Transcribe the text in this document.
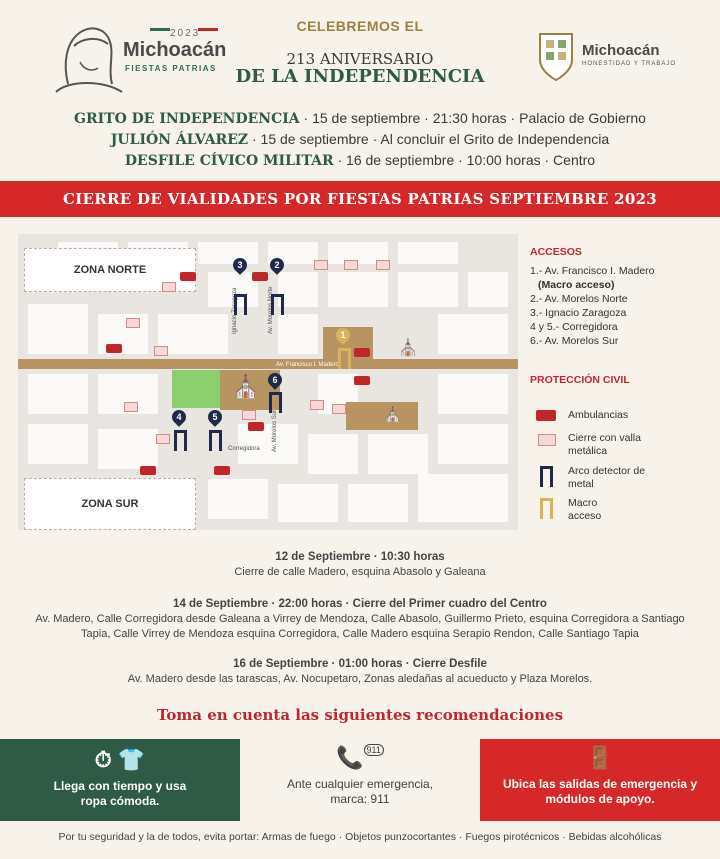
2023
Michoacán
FIESTAS PATRIAS
CELEBREMOS EL
213 ANIVERSARIO
DE LA INDEPENDENCIA
Michoacán
HONESTIDAD Y TRABAJO
GRITO DE INDEPENDENCIA · 15 de septiembre · 21:30 horas · Palacio de Gobierno
JULIÓN ÁLVAREZ · 15 de septiembre · Al concluir el Grito de Independencia
DESFILE CÍVICO MILITAR · 16 de septiembre · 10:00 horas · Centro
CIERRE DE VIALIDADES POR FIESTAS PATRIAS SEPTIEMBRE 2023
ZONA NORTE
ZONA SUR
Ignacio Zaragoza	Av. Morelos Norte
Av. Francisco I. Madero
Corregidora Av. Morelos Sur
3	2
1
6
4	5
⛪
⛪
⛪
ACCESOS
1.- Av. Francisco I. Madero
(Macro acceso)
2.- Av. Morelos Norte
3.- Ignacio Zaragoza
4 y 5.- Corregidora
6.- Av. Morelos Sur
PROTECCIÓN CIVIL
Ambulancias
Cierre con valla metálica
Arco detector de metal
Macro acceso
12 de Septiembre · 10:30 horas
Cierre de calle Madero, esquina Abasolo y Galeana
14 de Septiembre · 22:00 horas · Cierre del Primer cuadro del Centro
Av. Madero, Calle Corregidora desde Galeana a Virrey de Mendoza, Calle Abasolo, Guillermo Prieto, esquina Corregidora a Santiago Tapia, Calle Virrey de Mendoza esquina Corregidora, Calle Madero esquina Serapio Rendon, Calle Santiago Tapia
16 de Septiembre · 01:00 horas · Cierre Desfile
Av. Madero desde las tarascas, Av. Nocupetaro, Zonas aledañas al acueducto y Plaza Morelos.
Toma en cuenta las siguientes recomendaciones
⏱ 👕
Llega con tiempo y usa ropa cómoda.
📞 $^{911}$
Ante cualquier emergencia, marca: 911
🚪
Ubica las salidas de emergencia y módulos de apoyo.
Por tu seguridad y la de todos, evita portar: Armas de fuego · Objetos punzocortantes · Fuegos pirotécnicos · Bebidas alcohólicas
